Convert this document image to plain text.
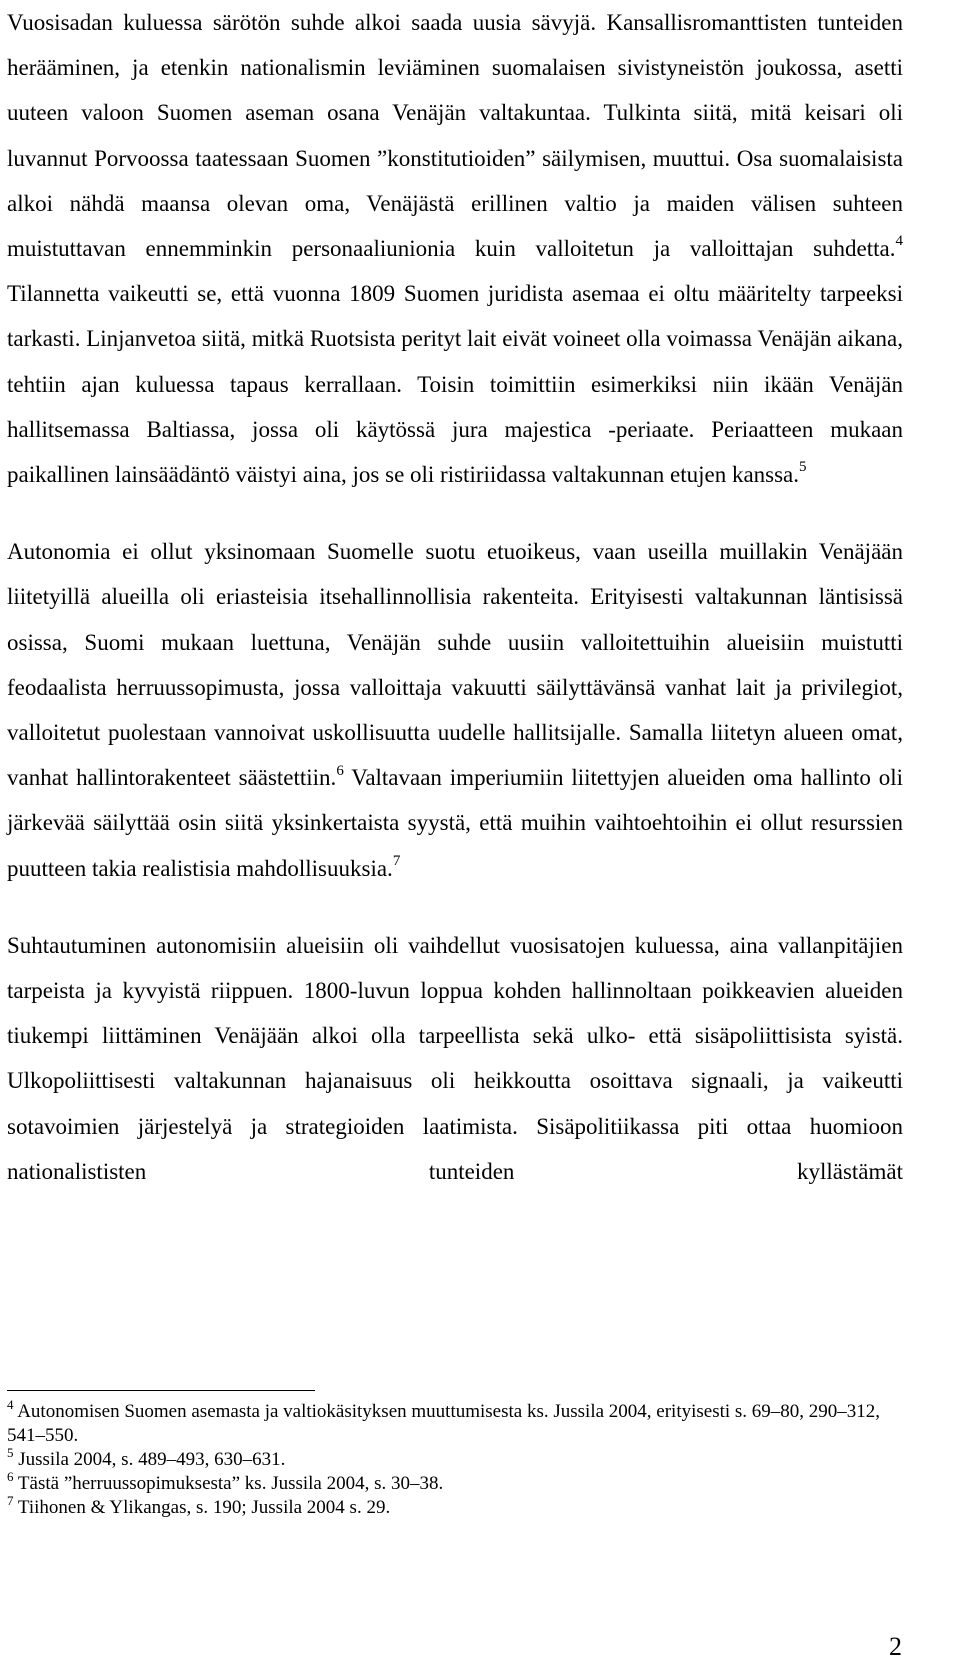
Vuosisadan kuluessa särötön suhde alkoi saada uusia sävyjä. Kansallisromanttisten tunteiden herääminen, ja etenkin nationalismin leviäminen suomalaisen sivistyneistön joukossa, asetti uuteen valoon Suomen aseman osana Venäjän valtakuntaa. Tulkinta siitä, mitä keisari oli luvannut Porvoossa taatessaan Suomen ”konstitutioiden” säilymisen, muuttui. Osa suomalaisista alkoi nähdä maansa olevan oma, Venäjästä erillinen valtio ja maiden välisen suhteen muistuttavan ennemminkin personaaliunionia kuin valloitetun ja valloittajan suhdetta.$^4$ Tilannetta vaikeutti se, että vuonna 1809 Suomen juridista asemaa ei oltu määritelty tarpeeksi tarkasti. Linjanvetoa siitä, mitkä Ruotsista perityt lait eivät voineet olla voimassa Venäjän aikana, tehtiin ajan kuluessa tapaus kerrallaan. Toisin toimittiin esimerkiksi niin ikään Venäjän hallitsemassa Baltiassa, jossa oli käytössä jura majestica -periaate. Periaatteen mukaan paikallinen lainsäädäntö väistyi aina, jos se oli ristiriidassa valtakunnan etujen kanssa.$^5$

Autonomia ei ollut yksinomaan Suomelle suotu etuoikeus, vaan useilla muillakin Venäjään liitetyillä alueilla oli eriasteisia itsehallinnollisia rakenteita. Erityisesti valtakunnan läntisissä osissa, Suomi mukaan luettuna, Venäjän suhde uusiin valloitettuihin alueisiin muistutti feodaalista herruussopimusta, jossa valloittaja vakuutti säilyttävänsä vanhat lait ja privilegiot, valloitetut puolestaan vannoivat uskollisuutta uudelle hallitsijalle. Samalla liitetyn alueen omat, vanhat hallintorakenteet säästettiin.$^6$ Valtavaan imperiumiin liitettyjen alueiden oma hallinto oli järkevää säilyttää osin siitä yksinkertaista syystä, että muihin vaihtoehtoihin ei ollut resurssien puutteen takia realistisia mahdollisuuksia.$^7$

Suhtautuminen autonomisiin alueisiin oli vaihdellut vuosisatojen kuluessa, aina vallanpitäjien tarpeista ja kyvyistä riippuen. 1800-luvun loppua kohden hallinnoltaan poikkeavien alueiden tiukempi liittäminen Venäjään alkoi olla tarpeellista sekä ulko- että sisäpoliittisista syistä. Ulkopoliittisesti valtakunnan hajanaisuus oli heikkoutta osoittava signaali, ja vaikeutti sotavoimien järjestelyä ja strategioiden laatimista. Sisäpolitiikassa piti ottaa huomioon nationalististen tunteiden kyllästämät

$^4$ Autonomisen Suomen asemasta ja valtiokäsityksen muuttumisesta ks. Jussila 2004, erityisesti s. 69–80, 290–312, 541–550.

$^5$ Jussila 2004, s. 489–493, 630–631.

$^6$ Tästä ”herruussopimuksesta” ks. Jussila 2004, s. 30–38.

$^7$ Tiihonen & Ylikangas, s. 190; Jussila 2004 s. 29.

2
